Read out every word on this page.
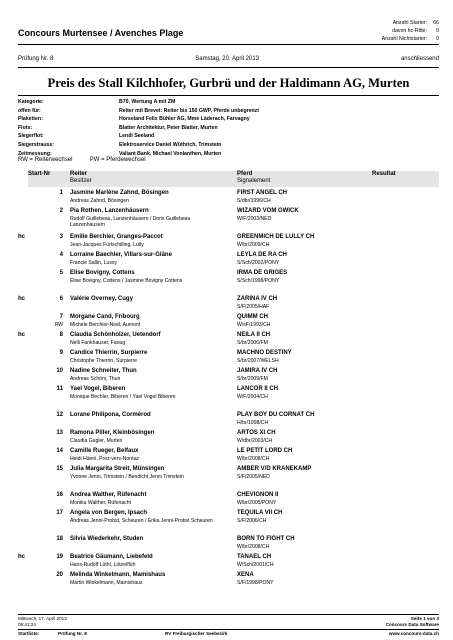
Concours Murtensee / Avenches Plage
Anzahl Starter:	66
davon hc-Ritte:	9
Anzahl Nichtstarter:	0
Prüfung Nr. 8	Samstag, 20. April 2013	anschliessend
Preis des Stall Kilchhofer, Gurbrü und der Haldimann AG, Murten
Kategorie:	B70, Wertung A mit ZM
offen für:	Reiter mit Brevet: Reiter bis 150 GWP, Pferde unbegrenzt
Plaketten:	Horseland Felix Bühler AG, Mme Läderach, Farvagny
Flots:	Blatter Architektur, Peter Blatter, Murten
Siegerflot:	Lendi Seeland
Siegerstrauss:	Elektroservice Daniel Wüthrich, Trimstein
Zeitmessung:	Valiant Bank, Michael Vonlanthen, Murten
RW = Reiterwechsel	PW = Pferdewechsel
Start-Nr	Reiter
Besitzer
Pferd
Signalement
Resultat
1 Jasmine Marlène Zahnd, Bösingen
Andreas Zahnd, Bösingen
FIRST ANGEL CH
S/dbr/1996/CH
2 Pia Rothen, Lanzenhäusern
Rudolf Guillebeau, Lanzenhäusern / Doris Guillebeau Lanzenhäusern
WIZARD VOM GWICK
W/F/2003/NED
hc	3 Emilie Berchier, Granges-Paccot
Jean-Jacques Fürtschilling, Lully
GREENMICH DE LULLY CH
W/br/2009/CH
4 Lorraine Baechler, Villars-sur-Glâne
Francie Sallin, Lussy
LEYLA DE RA CH
S/Sch/2002/PONY
5 Elise Bovigny, Cottens
Elise Bovigny, Cottens / Jasmine Bovigny Cottens
IRMA DE GRIGES
S/Sch/1998/PONY
hc	6 Valérie Overney, Cugy	ZARINA IV CH
S/F/2005/HAF
7
RW
Morgane Cand, Fribourg
Michèle Berchier-Noël, Aumont
QUIMM CH
W/sF/1993/CH
hc	8 Claudia Schönholzer, Uetendorf
Nelli Fankhauser, Faoug
NEILA II CH
S/br/2006/FM
9 Candice Thierrin, Surpierre
Christophe Thierrin, Surpierre
MACHNO DESTINY
S/br/2007/WELSH
10 Nadine Schneiter, Thun
Andreas Schöni, Thun
JAMIRA IV CH
S/br/2009/FM
11 Yael Vogel, Biberen
Monique Bechler, Biberen / Yael Vogel Biberen
LANCOR II CH
W/F/2004/CH
12 Lorane Philipona, Cormérod	PLAY BOY DU CORNAT CH
H/br/1998/CH
13 Ramona Piller, Kleinbösingen
Claudia Gugler, Murten
ARTOS XI CH
W/dbr/2003/CH
14 Camille Rueger, Belfaux
Heidi Hänni, Prez-vers-Noréaz
LE PETIT LORD CH
W/br/2008/CH
15 Julia Margarita Streit, Münsingen
Yvonne Jenni, Trimstein / Bendicht Jenni Trimstein
AMBER V/D KRANEKAMP
S/F/2005/NED
16 Andrea Walther, Rüfenacht
Monika Walther, Rüfenacht
CHEVIGNON II
W/br/2005/PONY
17 Angela von Bergen, Ipsach
Andreas Jenni-Probst, Scheuren / Erika Jenni-Probst Scheuren
TEQUILA VII CH
S/F/2006/CH
18 Silvia Wiederkehr, Studen	BORN TO FIGHT CH
W/br/2008/CH
hc	19 Beatrice Gäumann, Liebefeld
Hans-Rudolf Lüthi, Lützelflüh
TANAEL CH
W/Sch/2001/CH
20 Melinda Winkelmann, Mamishaus
Martin Winkelmann, Mamishaus
XENA
S/F/1998/PONY
Mittwoch, 17. April 2013
09:41:24
Seite 1 von 3
Concours Data Software
Startliste:	Prüfung Nr. 8	RV Freiburgischer Seebezirk	www.concours-data.ch
